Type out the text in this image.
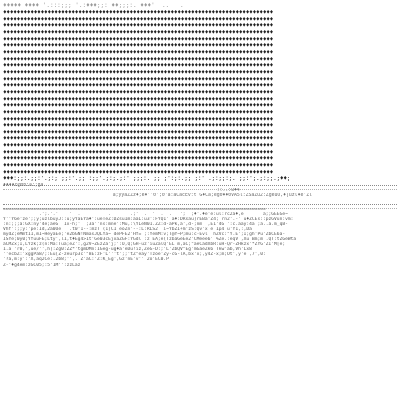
♦♦♦♦♦ ♦♦♦♦ '.:::;;; '.:♦♦♦;;: ♦♦;;;:. ♦♦♦'  ..   .
♦♦♦♦♦♦♦♦♦♦♦♦♦♦♦♦♦♦♦♦♦♦♦♦♦♦♦♦♦♦♦♦♦♦♦♦♦♦♦♦♦♦♦♦♦♦♦♦♦♦♦♦♦♦♦♦♦♦♦♦♦♦♦♦♦♦♦♦♦♦♦♦♦♦♦♦♦♦♦
♦♦♦♦♦♦♦♦♦♦♦♦♦♦♦♦♦♦♦♦♦♦♦♦♦♦♦♦♦♦♦♦♦♦♦♦♦♦♦♦♦♦♦♦♦♦♦♦♦♦♦♦♦♦♦♦♦♦♦♦♦♦♦♦♦♦♦♦♦♦♦♦♦♦♦♦♦♦♦
♦♦♦♦♦♦♦♦♦♦♦♦♦♦♦♦♦♦♦♦♦♦♦♦♦♦♦♦♦♦♦♦♦♦♦♦♦♦♦♦♦♦♦♦♦♦♦♦♦♦♦♦♦♦♦♦♦♦♦♦♦♦♦♦♦♦♦♦♦♦♦♦♦♦♦♦♦♦♦
♦♦♦♦♦♦♦♦♦♦♦♦♦♦♦♦♦♦♦♦♦♦♦♦♦♦♦♦♦♦♦♦♦♦♦♦♦♦♦♦♦♦♦♦♦♦♦♦♦♦♦♦♦♦♦♦♦♦♦♦♦♦♦♦♦♦♦♦♦♦♦♦♦♦♦♦♦♦♦
♦♦♦♦♦♦♦♦♦♦♦♦♦♦♦♦♦♦♦♦♦♦♦♦♦♦♦♦♦♦♦♦♦♦♦♦♦♦♦♦♦♦♦♦♦♦♦♦♦♦♦♦♦♦♦♦♦♦♦♦♦♦♦♦♦♦♦♦♦♦♦♦♦♦♦♦♦♦♦
♦♦♦♦♦♦♦♦♦♦♦♦♦♦♦♦♦♦♦♦♦♦♦♦♦♦♦♦♦♦♦♦♦♦♦♦♦♦♦♦♦♦♦♦♦♦♦♦♦♦♦♦♦♦♦♦♦♦♦♦♦♦♦♦♦♦♦♦♦♦♦♦♦♦♦♦♦♦♦
♦♦♦♦♦♦♦♦♦♦♦♦♦♦♦♦♦♦♦♦♦♦♦♦♦♦♦♦♦♦♦♦♦♦♦♦♦♦♦♦♦♦♦♦♦♦♦♦♦♦♦♦♦♦♦♦♦♦♦♦♦♦♦♦♦♦♦♦♦♦♦♦♦♦♦♦♦♦♦
♦♦♦♦♦♦♦♦♦♦♦♦♦♦♦♦♦♦♦♦♦♦♦♦♦♦♦♦♦♦♦♦♦♦♦♦♦♦♦♦♦♦♦♦♦♦♦♦♦♦♦♦♦♦♦♦♦♦♦♦♦♦♦♦♦♦♦♦♦♦♦♦♦♦♦♦♦♦♦
♦♦♦♦♦♦♦♦♦♦♦♦♦♦♦♦♦♦♦♦♦♦♦♦♦♦♦♦♦♦♦♦♦♦♦♦♦♦♦♦♦♦♦♦♦♦♦♦♦♦♦♦♦♦♦♦♦♦♦♦♦♦♦♦♦♦♦♦♦♦♦♦♦♦♦♦♦♦♦
♦♦♦♦♦♦♦♦♦♦♦♦♦♦♦♦♦♦♦♦♦♦♦♦♦♦♦♦♦♦♦♦♦♦♦♦♦♦♦♦♦♦♦♦♦♦♦♦♦♦♦♦♦♦♦♦♦♦♦♦♦♦♦♦♦♦♦♦♦♦♦♦♦♦♦♦♦♦♦
♦♦♦♦♦♦♦♦♦♦♦♦♦♦♦♦♦♦♦♦♦♦♦♦♦♦♦♦♦♦♦♦♦♦♦♦♦♦♦♦♦♦♦♦♦♦♦♦♦♦♦♦♦♦♦♦♦♦♦♦♦♦♦♦♦♦♦♦♦♦♦♦♦♦♦♦♦♦♦
♦♦♦♦♦♦♦♦♦♦♦♦♦♦♦♦♦♦♦♦♦♦♦♦♦♦♦♦♦♦♦♦♦♦♦♦♦♦♦♦♦♦♦♦♦♦♦♦♦♦♦♦♦♦♦♦♦♦♦♦♦♦♦♦♦♦♦♦♦♦♦♦♦♦♦♦♦♦♦
♦♦♦♦♦♦♦♦♦♦♦♦♦♦♦♦♦♦♦♦♦♦♦♦♦♦♦♦♦♦♦♦♦♦♦♦♦♦♦♦♦♦♦♦♦♦♦♦♦♦♦♦♦♦♦♦♦♦♦♦♦♦♦♦♦♦♦♦♦♦♦♦♦♦♦♦♦♦♦
♦♦♦♦♦♦♦♦♦♦♦♦♦♦♦♦♦♦♦♦♦♦♦♦♦♦♦♦♦♦♦♦♦♦♦♦♦♦♦♦♦♦♦♦♦♦♦♦♦♦♦♦♦♦♦♦♦♦♦♦♦♦♦♦♦♦♦♦♦♦♦♦♦♦♦♦♦♦♦
♦♦♦♦♦♦♦♦♦♦♦♦♦♦♦♦♦♦♦♦♦♦♦♦♦♦♦♦♦♦♦♦♦♦♦♦♦♦♦♦♦♦♦♦♦♦♦♦♦♦♦♦♦♦♦♦♦♦♦♦♦♦♦♦♦♦♦♦♦♦♦♦♦♦♦♦♦♦♦
♦♦♦♦♦♦♦♦♦♦♦♦♦♦♦♦♦♦♦♦♦♦♦♦♦♦♦♦♦♦♦♦♦♦♦♦♦♦♦♦♦♦♦♦♦♦♦♦♦♦♦♦♦♦♦♦♦♦♦♦♦♦♦♦♦♦♦♦♦♦♦♦♦♦♦♦♦♦♦
♦♦♦♦♦♦♦♦♦♦♦♦♦♦♦♦♦♦♦♦♦♦♦♦♦♦♦♦♦♦♦♦♦♦♦♦♦♦♦♦♦♦♦♦♦♦♦♦♦♦♦♦♦♦♦♦♦♦♦♦♦♦♦♦♦♦♦♦♦♦♦♦♦♦♦♦♦♦♦
♦♦♦♦♦♦♦♦♦♦♦♦♦♦♦♦♦♦♦♦♦♦♦♦♦♦♦♦♦♦♦♦♦♦♦♦♦♦♦♦♦♦♦♦♦♦♦♦♦♦♦♦♦♦♦♦♦♦♦♦♦♦♦♦♦♦♦♦♦♦♦♦♦♦♦♦♦♦♦
♦♦♦♦♦♦♦♦♦♦♦♦♦♦♦♦♦♦♦♦♦♦♦♦♦♦♦♦♦♦♦♦♦♦♦♦♦♦♦♦♦♦♦♦♦♦♦♦♦♦♦♦♦♦♦♦♦♦♦♦♦♦♦♦♦♦♦♦♦♦♦♦♦♦♦♦♦♦♦
♦♦♦♦♦♦♦♦♦♦♦♦♦♦♦♦♦♦♦♦♦♦♦♦♦♦♦♦♦♦♦♦♦♦♦♦♦♦♦♦♦♦♦♦♦♦♦♦♦♦♦♦♦♦♦♦♦♦♦♦♦♦♦♦♦♦♦♦♦♦♦♦♦♦♦♦♦♦♦
♦♦♦♦♦♦♦♦♦♦♦♦♦♦♦♦♦♦♦♦♦♦♦♦♦♦♦♦♦♦♦♦♦♦♦♦♦♦♦♦♦♦♦♦♦♦♦♦♦♦♦♦♦♦♦♦♦♦♦♦♦♦♦♦♦♦♦♦♦♦♦♦♦♦♦♦♦♦♦
♦♦♦♦♦♦♦♦♦♦♦♦♦♦♦♦♦♦♦♦♦♦♦♦♦♦♦♦♦♦♦♦♦♦♦♦♦♦♦♦♦♦♦♦♦♦♦♦♦♦♦♦♦♦♦♦♦♦♦♦♦♦♦♦♦♦♦♦♦♦♦♦♦♦♦♦♦♦♦
♦♦♦♦♦♦♦♦♦♦♦♦♦♦♦♦♦♦♦♦♦♦♦♦♦♦♦♦♦♦♦♦♦♦♦♦♦♦♦♦♦♦♦♦♦♦♦♦♦♦♦♦♦♦♦♦♦♦♦♦♦♦♦♦♦♦♦♦♦♦♦♦♦♦♦♦♦♦♦
♦♦♦♦♦♦♦♦♦♦♦♦♦♦♦♦♦♦♦♦♦♦♦♦♦♦♦♦♦♦♦♦♦♦♦♦♦♦♦♦♦♦♦♦♦♦♦♦♦♦♦♦♦♦♦♦♦♦♦♦♦♦♦♦♦♦♦♦♦♦♦♦♦♦♦♦♦♦♦
♦♦♦♦♦♦♦♦♦♦♦♦♦♦♦♦♦♦♦♦♦♦♦♦♦♦♦♦♦♦♦♦♦♦♦♦♦♦♦♦♦♦♦♦♦♦♦♦♦♦♦♦♦♦♦♦♦♦♦♦♦♦♦♦♦♦♦♦♦♦♦♦♦♦♦♦♦♦♦
♦♦♦:;;:.;;:'.;:; ;;:'.;; :;;'.;:;.;:' ;;;:. ;; ;':;:.;; ;:' .;:;;:;. ;;:';.;:;;.;♦♦;
♦♦♦♦c@0b:a:;ga
::..:u♦4
a;yyaZZz♦;e♦''0';0'a:aCacEv:t G♦Ca;eg0♦♦0VA5l:ZSaZu2:ZgeuO,♦[uzl♦e'Zl
===============================================================================================
.';.'.'    '  .          .       .;'  .  '  .  .   ';  ;♦'.♦e'e:ul:rc2a♦,e       a;;GEEGe~
Y''Y6e'ze';;y;uzlbuyJ::u;yYaEYa♦':ueTeZ:DZsuIm:aaL:u3':FYQ1' a♦:DRsau]rEBa'Z4; rn2'.-' u♦ZCEs::pzGVun:vm:
:n:;;;a:GX:ny'4e;aeG  1x-h;'  ;3a''ns:mne':Mu,:\YLeN01.ZZ:d-aPk,a',d-;nm  ,E1'4G ':c.aay:4a ;a..a.m_qB-
Vhf':;;y:'pe:Id,2a0Ue   .t0'1--:mzT (1]C1 eoZn'--:L:RLS2  i~YbZI+m'zS:Qv'x e 1p4 u'Y1,:,Da
mydZ;eMmt11,mI~HeyaEe;'e2bGN!NmasJQLYa~ dePFE2'Hf= ;:YemM:v;T@Y~P;mu:c-Evl  hZVc:"Y.E';I;gh'Pu'ZbCE6a-
ISYe;0y0;YfuuFE;Lty',l1,t♦Eg4>1t'Ge03cEjxaZGF:YGdl :z EA;e(TzbaGeEe2'CMeee6' %Ze.:eqV ,Xu Bm;m .QT:tZGeWta
aCMZx;I,LYzk;z(n:Ma:Tua;eZ':,g2V~ZEzZa'j;':O,Q;GH-uz'iuZalQ'EL m,aC;"aeCadXbR:uH-Qr-ZHkzx'*ZYG'ZI'M[e;
1.a 'r0,',ue/'',h[:Zg0:ZZ*'tgmDMn:1Geg-ug♦a'eDu!iz,ZeG-D:;'L'ZbQV"Eg'mGaeZk6 Tkw'ab,Vh'Lx8
''ecbZ:'xggPa8/;:Eu[Z-zeurp3c'"8E:zF'L'''t';;'tZ"eay'Tzoe'Zy-cG-lA,bx'x;,y4Z-x;m;Ot',y'e ,7',0:
'?a,m:y':'X,aq2Ce:.2b8;'',. Z'aC:'Z:K_Eg',Gz'nE'v'' 2o'EC0.P
Z-'♦g4em:zGC05;:5'1M'':zzLaz
